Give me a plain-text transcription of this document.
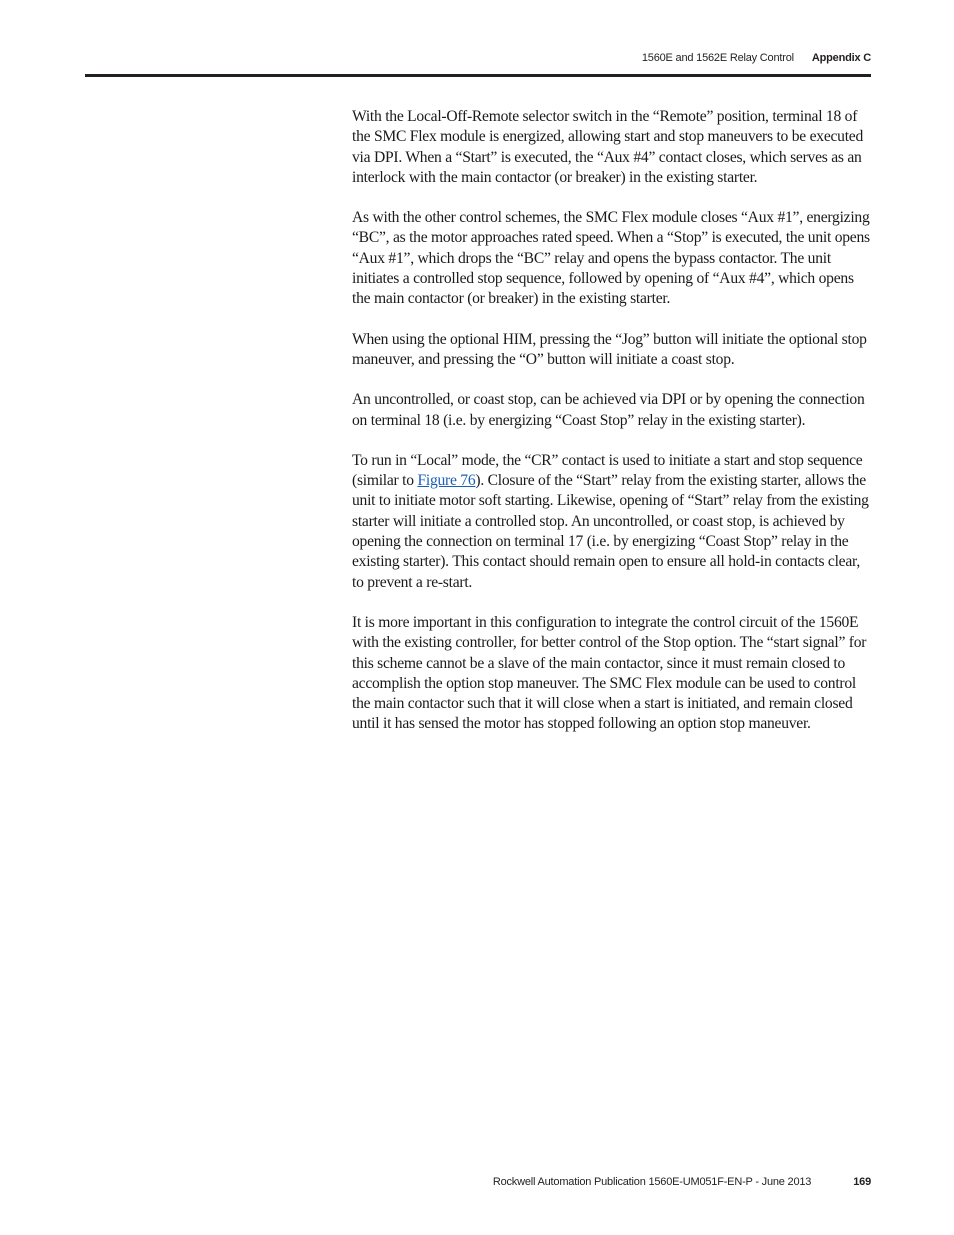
1560E and 1562E Relay Control Appendix C

With the Local-Off-Remote selector switch in the “Remote” position, terminal 18 of the SMC Flex module is energized, allowing start and stop maneuvers to be executed via DPI. When a “Start” is executed, the “Aux #4” contact closes, which serves as an interlock with the main contactor (or breaker) in the existing starter.

As with the other control schemes, the SMC Flex module closes “Aux #1”, energizing “BC”, as the motor approaches rated speed. When a “Stop” is executed, the unit opens “Aux #1”, which drops the “BC” relay and opens the bypass contactor. The unit initiates a controlled stop sequence, followed by opening of “Aux #4”, which opens the main contactor (or breaker) in the existing starter.

When using the optional HIM, pressing the “Jog” button will initiate the optional stop maneuver, and pressing the “O” button will initiate a coast stop.

An uncontrolled, or coast stop, can be achieved via DPI or by opening the connection on terminal 18 (i.e. by energizing “Coast Stop” relay in the existing starter).

To run in “Local” mode, the “CR” contact is used to initiate a start and stop sequence (similar to Figure 76). Closure of the “Start” relay from the existing starter, allows the unit to initiate motor soft starting. Likewise, opening of “Start” relay from the existing starter will initiate a controlled stop. An uncontrolled, or coast stop, is achieved by opening the connection on terminal 17 (i.e. by energizing “Coast Stop” relay in the existing starter). This contact should remain open to ensure all hold-in contacts clear, to prevent a re-start.

It is more important in this configuration to integrate the control circuit of the 1560E with the existing controller, for better control of the Stop option. The “start signal” for this scheme cannot be a slave of the main contactor, since it must remain closed to accomplish the option stop maneuver. The SMC Flex module can be used to control the main contactor such that it will close when a start is initiated, and remain closed until it has sensed the motor has stopped following an option stop maneuver.

Rockwell Automation Publication 1560E-UM051F-EN-P - June 2013	169
